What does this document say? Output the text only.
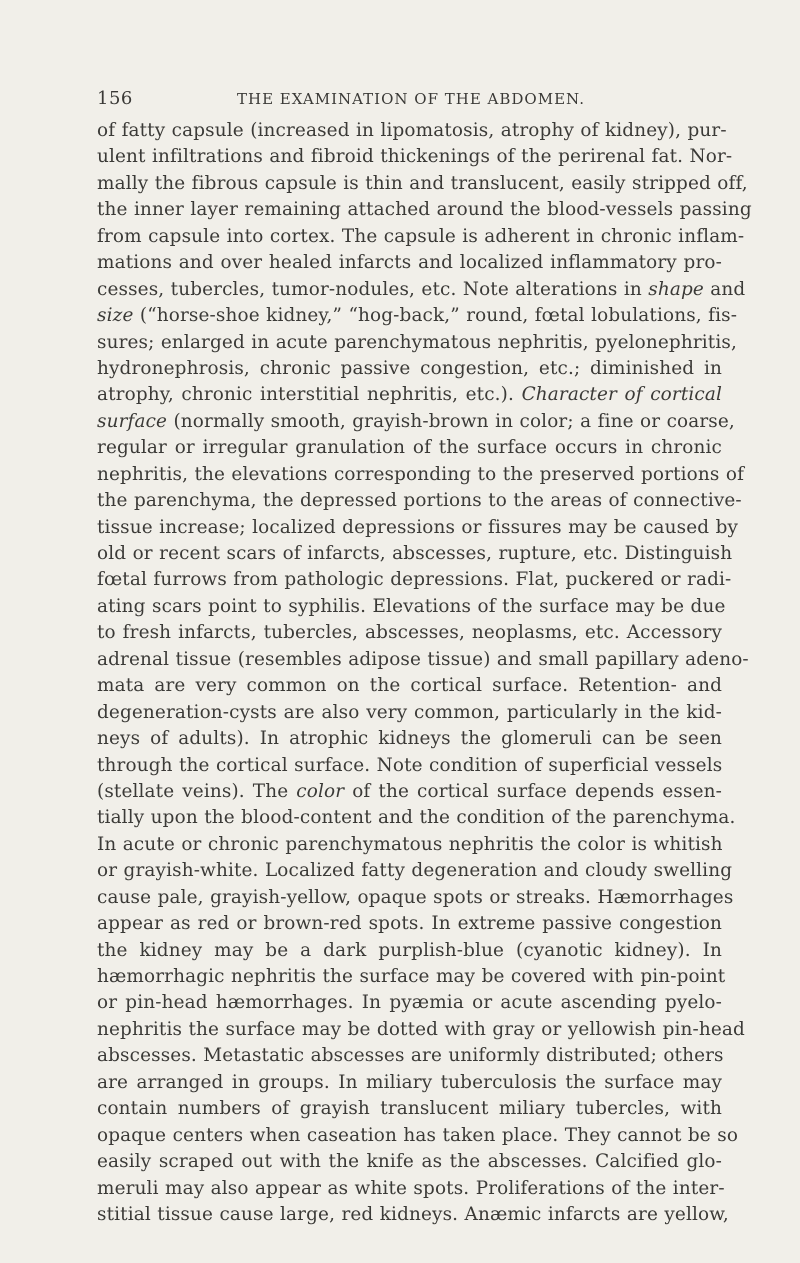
156	THE EXAMINATION OF THE ABDOMEN.
of fatty capsule (increased in lipomatosis, atrophy of kidney), pur-
ulent infiltrations and fibroid thickenings of the perirenal fat. Nor-
mally the fibrous capsule is thin and translucent, easily stripped off,
the inner layer remaining attached around the blood-vessels passing
from capsule into cortex. The capsule is adherent in chronic inflam-
mations and over healed infarcts and localized inflammatory pro-
cesses, tubercles, tumor-nodules, etc. Note alterations in shape and
size (“horse-shoe kidney,” “hog-back,” round, fœtal lobulations, fis-
sures; enlarged in acute parenchymatous nephritis, pyelonephritis,
hydronephrosis, chronic passive congestion, etc.; diminished in
atrophy, chronic interstitial nephritis, etc.). Character of cortical
surface (normally smooth, grayish-brown in color; a fine or coarse,
regular or irregular granulation of the surface occurs in chronic
nephritis, the elevations corresponding to the preserved portions of
the parenchyma, the depressed portions to the areas of connective-
tissue increase; localized depressions or fissures may be caused by
old or recent scars of infarcts, abscesses, rupture, etc. Distinguish
fœtal furrows from pathologic depressions. Flat, puckered or radi-
ating scars point to syphilis. Elevations of the surface may be due
to fresh infarcts, tubercles, abscesses, neoplasms, etc. Accessory
adrenal tissue (resembles adipose tissue) and small papillary adeno-
mata are very common on the cortical surface. Retention- and
degeneration-cysts are also very common, particularly in the kid-
neys of adults). In atrophic kidneys the glomeruli can be seen
through the cortical surface. Note condition of superficial vessels
(stellate veins). The color of the cortical surface depends essen-
tially upon the blood-content and the condition of the parenchyma.
In acute or chronic parenchymatous nephritis the color is whitish
or grayish-white. Localized fatty degeneration and cloudy swelling
cause pale, grayish-yellow, opaque spots or streaks. Hæmorrhages
appear as red or brown-red spots. In extreme passive congestion
the kidney may be a dark purplish-blue (cyanotic kidney). In
hæmorrhagic nephritis the surface may be covered with pin-point
or pin-head hæmorrhages. In pyæmia or acute ascending pyelo-
nephritis the surface may be dotted with gray or yellowish pin-head
abscesses. Metastatic abscesses are uniformly distributed; others
are arranged in groups. In miliary tuberculosis the surface may
contain numbers of grayish translucent miliary tubercles, with
opaque centers when caseation has taken place. They cannot be so
easily scraped out with the knife as the abscesses. Calcified glo-
meruli may also appear as white spots. Proliferations of the inter-
stitial tissue cause large, red kidneys. Anæmic infarcts are yellow,
